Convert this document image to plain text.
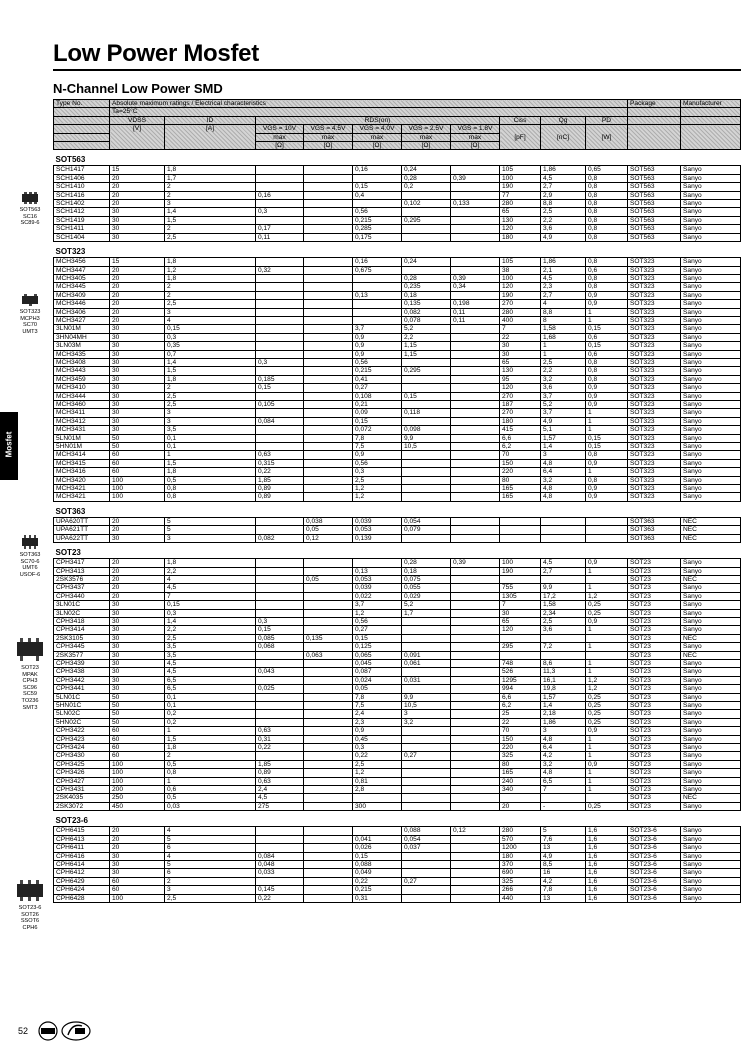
Low Power Mosfet
N-Channel Low Power SMD
Mosfet
SOT563
SC16
SC89-6
SOT323
MCPH3
SC70
UMT3
SOT363
SC70-6
UMT6
USOF-6
SOT23
MPAK
CPH3
SC96
SC59
TO236
SMT3
SOT23-6
SOT26
SSOT6
CPH6
Type No.	Absolute maximum ratings / Electrical characteristics										Package	Manufacturer
	Ta=25°C											
	VDSS	ID	RDS(on)					Ciss	Qg	PD		
	[V]	[A]	VGS = 10V	VGS = 4.5V	VGS = 4.0V	VGS = 2.5V	VGS = 1.8V	[pF]	[nC]	[W]		
			max	max	max	max	max					
			[Ω]	[Ω]	[Ω]	[Ω]	[Ω]					
SOT563												
SCH1417	15	1,8			0,16	0,24		105	1,86	0,65	SOT563	Sanyo
SCH1406	20	1,7				0,28	0,39	100	4,5	0,8	SOT563	Sanyo
SCH1410	20	2			0,15	0,2		190	2,7	0,8	SOT563	Sanyo
SCH1416	20	2	0,16		0,4			77	2,9	0,8	SOT563	Sanyo
SCH1402	20	3				0,102	0,133	280	8,8	0,8	SOT563	Sanyo
SCH1412	30	1,4	0,3		0,56			65	2,5	0,8	SOT563	Sanyo
SCH1419	30	1,5			0,215	0,295		130	2,2	0,8	SOT563	Sanyo
SCH1411	30	2	0,17		0,285			120	3,6	0,8	SOT563	Sanyo
SCH1404	30	2,5	0,11		0,175			180	4,9	0,8	SOT563	Sanyo
SOT323												
MCH3456	15	1,8			0,16	0,24		105	1,86	0,8	SOT323	Sanyo
MCH3447	20	1,2	0,32		0,675			38	2,1	0,6	SOT323	Sanyo
MCH3405	20	1,8				0,28	0,39	100	4,5	0,8	SOT323	Sanyo
MCH3445	20	2				0,235	0,34	120	2,3	0,8	SOT323	Sanyo
MCH3409	20	2			0,13	0,18		190	2,7	0,9	SOT323	Sanyo
MCH3446	20	2,5				0,135	0,198	270	4	0,9	SOT323	Sanyo
MCH3406	20	3				0,082	0,11	280	8,8	1	SOT323	Sanyo
MCH3427	20	4				0,078	0,11	400	8	1	SOT323	Sanyo
3LN01M	30	0,15			3,7	5,2		7	1,58	0,15	SOT323	Sanyo
3HN04MH	30	0,3			0,9	2,2		22	1,68	0,6	SOT323	Sanyo
3LN03M	30	0,35			0,9	1,15		30	1	0,15	SOT323	Sanyo
MCH3435	30	0,7			0,9	1,15		30	1	0,6	SOT323	Sanyo
MCH3408	30	1,4	0,3		0,56			65	2,5	0,8	SOT323	Sanyo
MCH3443	30	1,5			0,215	0,295		130	2,2	0,8	SOT323	Sanyo
MCH3459	30	1,8	0,185		0,41			95	3,2	0,8	SOT323	Sanyo
MCH3410	30	2	0,15		0,27			120	3,6	0,9	SOT323	Sanyo
MCH3444	30	2,5			0,108	0,15		270	3,7	0,9	SOT323	Sanyo
MCH3460	30	2,5	0,105		0,21			187	5,2	0,9	SOT323	Sanyo
MCH3411	30	3			0,09	0,118		270	3,7	1	SOT323	Sanyo
MCH3412	30	3	0,084		0,15			180	4,9	1	SOT323	Sanyo
MCH3431	30	3,5			0,072	0,098		415	5,1	1	SOT323	Sanyo
5LN01M	50	0,1			7,8	9,9		6,6	1,57	0,15	SOT323	Sanyo
5HN01M	50	0,1			7,5	10,5		6,2	1,4	0,15	SOT323	Sanyo
MCH3414	60	1	0,63		0,9			70	3	0,8	SOT323	Sanyo
MCH3415	60	1,5	0,315		0,56			150	4,8	0,9	SOT323	Sanyo
MCH3416	60	1,8	0,22		0,3			220	6,4	1	SOT323	Sanyo
MCH3420	100	0,5	1,85		2,5			80	3,2	0,8	SOT323	Sanyo
MCH3421	100	0,8	0,89		1,2			165	4,8	0,9	SOT323	Sanyo
MCH3421	100	0,8	0,89		1,2			165	4,8	0,9	SOT323	Sanyo
SOT363												
UPA620TT	20	5		0,038	0,039	0,054					SOT363	NEC
UPA621TT	20	5		0,05	0,053	0,079					SOT363	NEC
UPA622TT	30	3	0,082	0,12	0,139						SOT363	NEC
SOT23												
CPH3417	20	1,8				0,28	0,39	100	4,5	0,9	SOT23	Sanyo
CPH3413	20	2,2			0,13	0,18		190	2,7	1	SOT23	Sanyo
2SK3576	20	4		0,05	0,053	0,075					SOT23	NEC
CPH3437	20	4,5			0,039	0,055		755	9,9	1	SOT23	Sanyo
CPH3440	20	7			0,022	0,029		1305	17,2	1,2	SOT23	Sanyo
3LN01C	30	0,15			3,7	5,2		7	1,58	0,25	SOT23	Sanyo
3LN02C	30	0,3			1,2	1,7		30	2,34	0,25	SOT23	Sanyo
CPH3418	30	1,4	0,3		0,56			65	2,5	0,9	SOT23	Sanyo
CPH3414	30	2,2	0,15		0,27			120	3,6	1	SOT23	Sanyo
2SK3105	30	2,5	0,085	0,135	0,15						SOT23	NEC
CPH3445	30	3,5	0,068		0,125			295	7,2	1	SOT23	Sanyo
2SK3577	30	3,5		0,063	0,065	0,091					SOT23	NEC
CPH3439	30	4,5			0,045	0,061		748	8,6	1	SOT23	Sanyo
CPH3438	30	4,5	0,043		0,087			526	11,3	1	SOT23	Sanyo
CPH3442	30	6,5			0,024	0,031		1295	16,1	1,2	SOT23	Sanyo
CPH3441	30	6,5	0,025		0,05			994	19,8	1,2	SOT23	Sanyo
5LN01C	50	0,1			7,8	9,9		6,6	1,57	0,25	SOT23	Sanyo
5HN01C	50	0,1			7,5	10,5		6,2	1,4	0,25	SOT23	Sanyo
5LN02C	50	0,2			2,4	3		25	2,18	0,25	SOT23	Sanyo
5HN02C	50	0,2			2,3	3,2		22	1,86	0,25	SOT23	Sanyo
CPH3422	60	1	0,63		0,9			70	3	0,9	SOT23	Sanyo
CPH3423	60	1,5	0,31		0,45			150	4,8	1	SOT23	Sanyo
CPH3424	60	1,8	0,22		0,3			220	6,4	1	SOT23	Sanyo
CPH3430	60	2			0,22	0,27		325	4,2	1	SOT23	Sanyo
CPH3425	100	0,5	1,85		2,5			80	3,2	0,9	SOT23	Sanyo
CPH3426	100	0,8	0,89		1,2			165	4,8	1	SOT23	Sanyo
CPH3427	100	1	0,63		0,81			240	6,5	1	SOT23	Sanyo
CPH3431	200	0,6	2,4		2,8			340	7	1	SOT23	Sanyo
2SK4035	250	0,5	4,5								SOT23	NEC
2SK3072	450	0,03	275		300			20	-	0,25	SOT23	Sanyo
SOT23-6												
CPH6415	20	4				0,088	0,12	280	5	1,6	SOT23-6	Sanyo
CPH6413	20	5			0,041	0,054		570	7,6	1,6	SOT23-6	Sanyo
CPH6411	20	6			0,026	0,037		1200	13	1,6	SOT23-6	Sanyo
CPH6416	30	4	0,084		0,15			180	4,9	1,6	SOT23-6	Sanyo
CPH6414	30	5	0,048		0,088			370	8,5	1,6	SOT23-6	Sanyo
CPH6412	30	6	0,033		0,049			690	16	1,6	SOT23-6	Sanyo
CPH6429	60	2			0,22	0,27		325	4,2	1,6	SOT23-6	Sanyo
CPH6424	60	3	0,145		0,215			266	7,8	1,6	SOT23-6	Sanyo
CPH6428	100	2,5	0,22		0,31			440	13	1,6	SOT23-6	Sanyo
52
